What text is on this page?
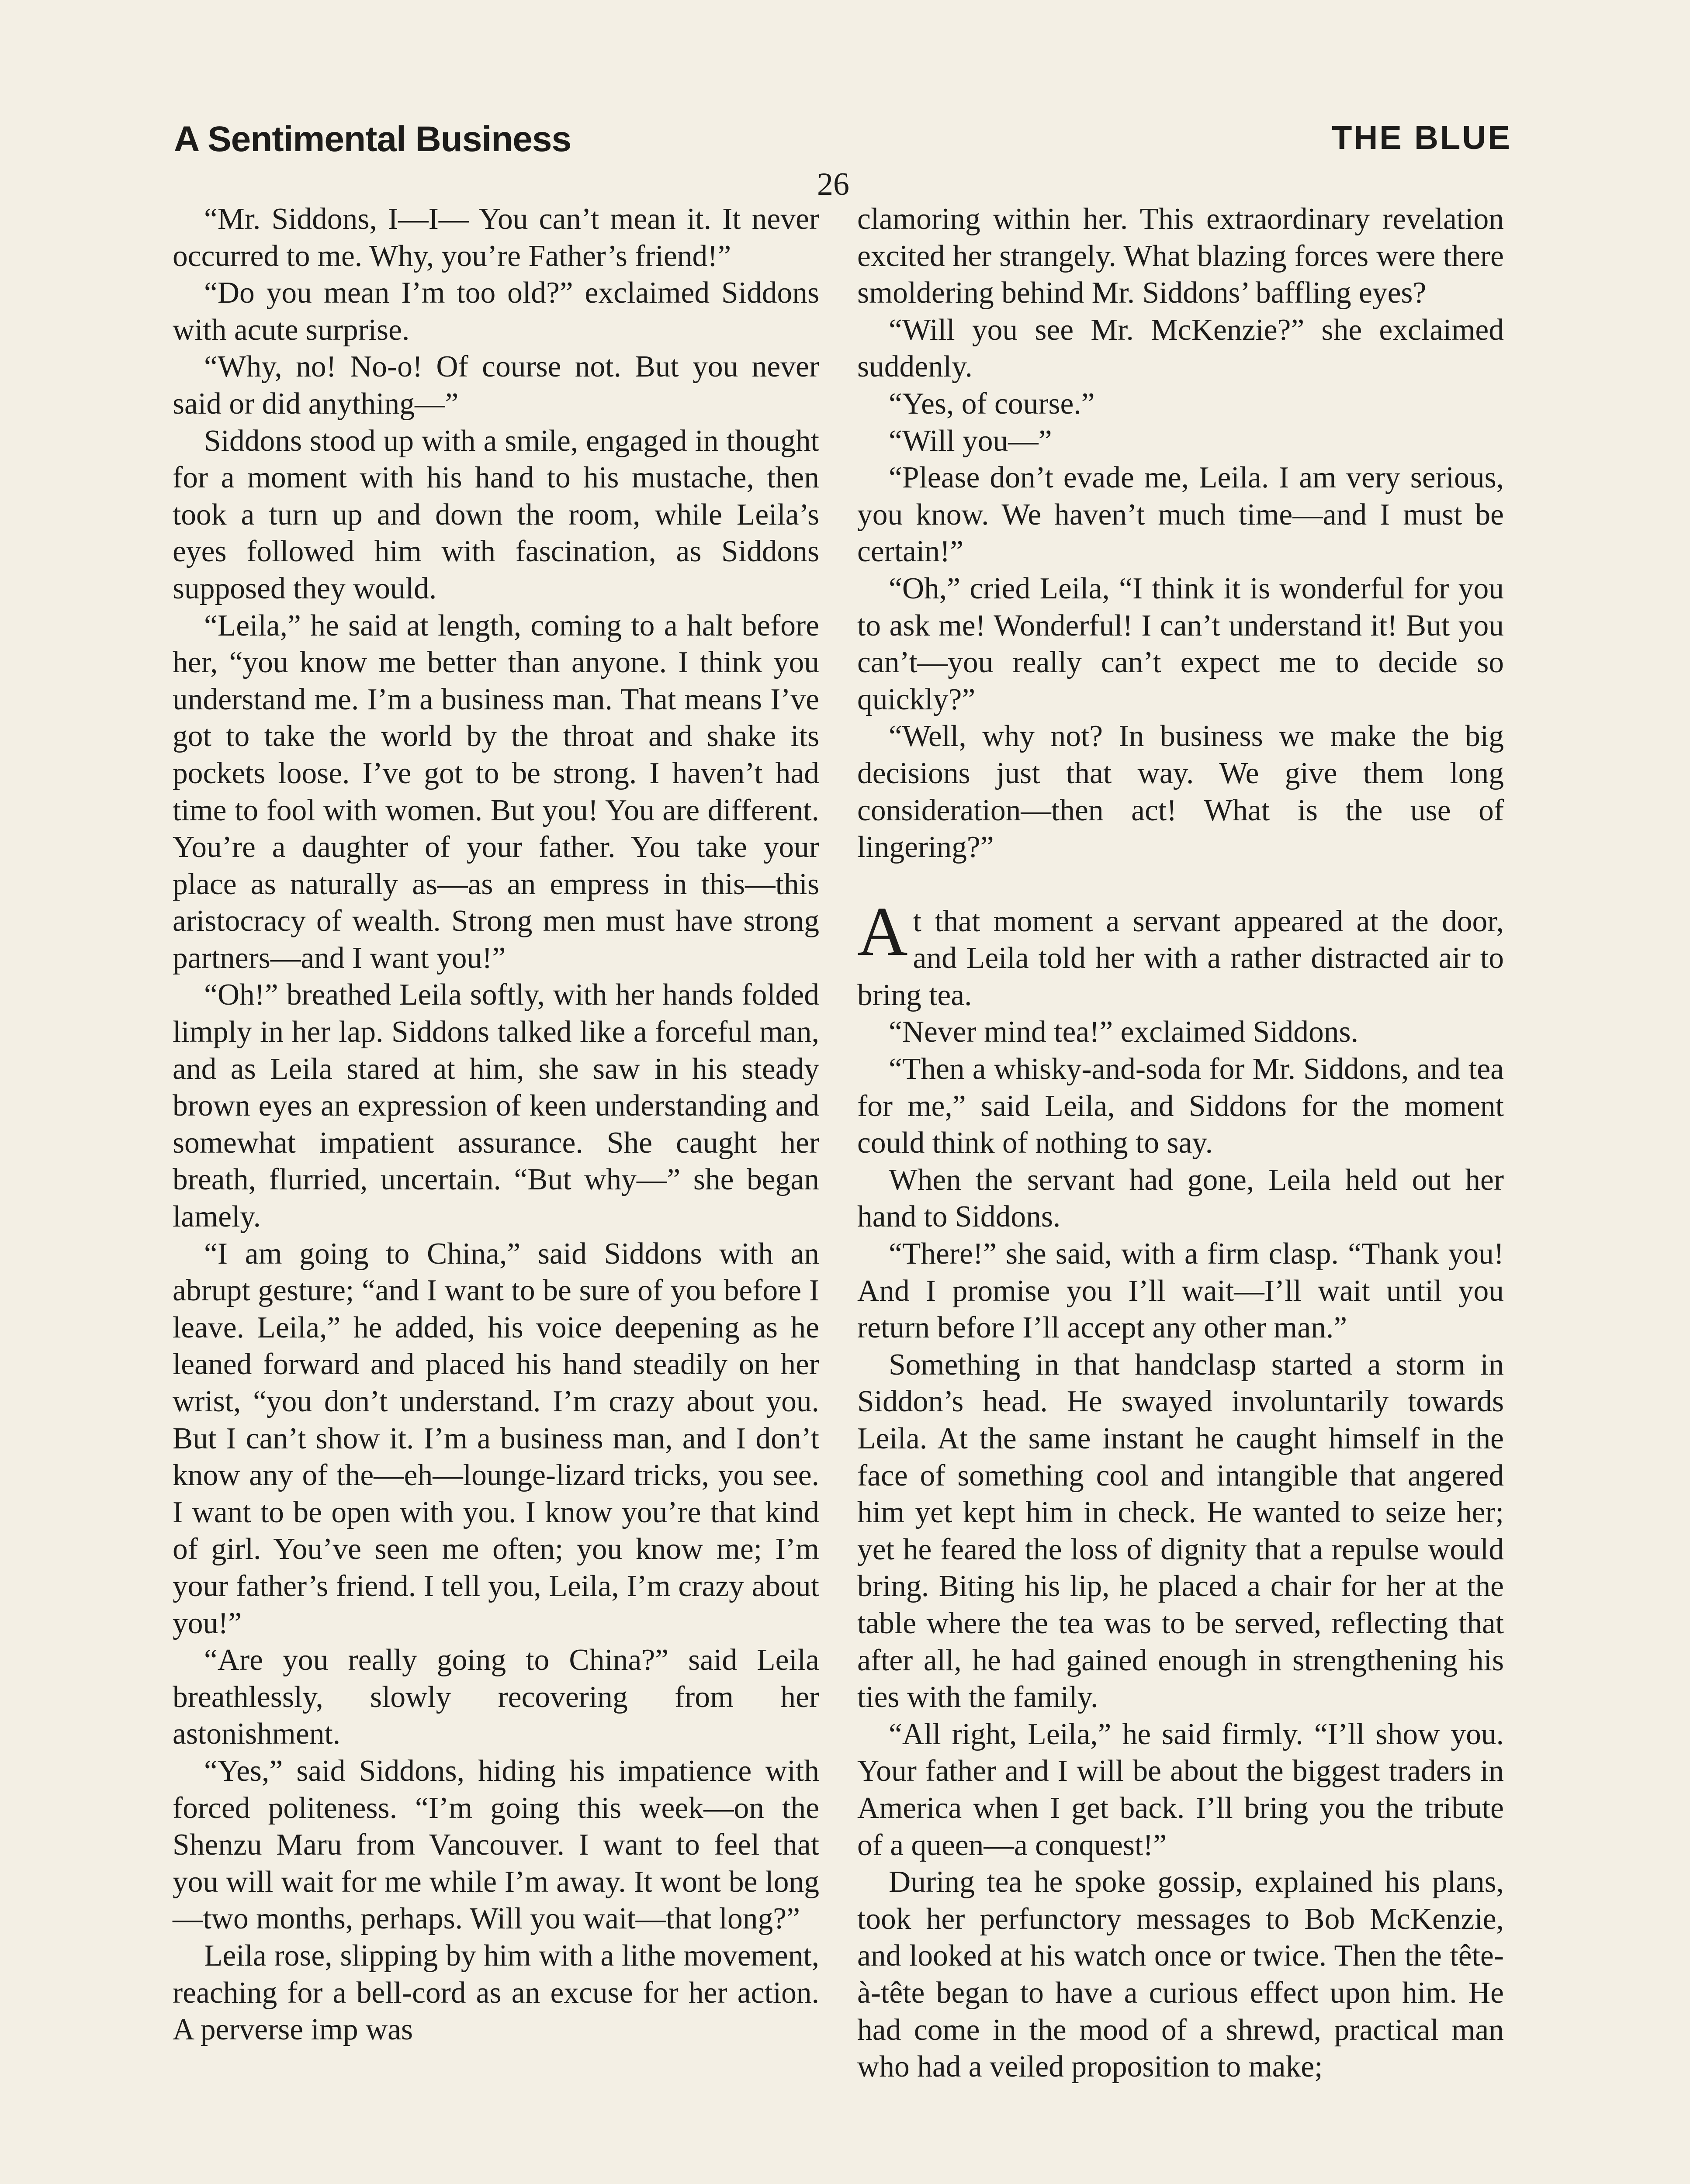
A Sentimental Business	THE BLUE
26

“Mr. Siddons, I—I— You can’t mean it. It never occurred to me. Why, you’re Father’s friend!”

“Do you mean I’m too old?” exclaimed Siddons with acute surprise.

“Why, no! No-o! Of course not. But you never said or did anything—”

Siddons stood up with a smile, engaged in thought for a moment with his hand to his mustache, then took a turn up and down the room, while Leila’s eyes followed him with fascination, as Siddons supposed they would.

“Leila,” he said at length, coming to a halt before her, “you know me better than anyone. I think you understand me. I’m a business man. That means I’ve got to take the world by the throat and shake its pockets loose. I’ve got to be strong. I haven’t had time to fool with women. But you! You are different. You’re a daughter of your father. You take your place as naturally as—as an empress in this—this aristocracy of wealth. Strong men must have strong partners—and I want you!”

“Oh!” breathed Leila softly, with her hands folded limply in her lap. Siddons talked like a forceful man, and as Leila stared at him, she saw in his steady brown eyes an expression of keen understanding and somewhat impatient assurance. She caught her breath, flurried, uncertain. “But why—” she began lamely.

“I am going to China,” said Siddons with an abrupt gesture; “and I want to be sure of you before I leave. Leila,” he added, his voice deepening as he leaned forward and placed his hand steadily on her wrist, “you don’t understand. I’m crazy about you. But I can’t show it. I’m a business man, and I don’t know any of the—eh—lounge-lizard tricks, you see. I want to be open with you. I know you’re that kind of girl. You’ve seen me often; you know me; I’m your father’s friend. I tell you, Leila, I’m crazy about you!”

“Are you really going to China?” said Leila breathlessly, slowly recovering from her astonishment.

“Yes,” said Siddons, hiding his impatience with forced politeness. “I’m going this week—on the Shenzu Maru from Vancouver. I want to feel that you will wait for me while I’m away. It wont be long—two months, perhaps. Will you wait—that long?”

Leila rose, slipping by him with a lithe movement, reaching for a bell-cord as an excuse for her action. A perverse imp was

clamoring within her. This extraordinary revelation excited her strangely. What blazing forces were there smoldering behind Mr. Siddons’ baffling eyes?

“Will you see Mr. McKenzie?” she exclaimed suddenly.

“Yes, of course.”

“Will you—”

“Please don’t evade me, Leila. I am very serious, you know. We haven’t much time—and I must be certain!”

“Oh,” cried Leila, “I think it is wonderful for you to ask me! Wonderful! I can’t understand it! But you can’t—you really can’t expect me to decide so quickly?”

“Well, why not? In business we make the big decisions just that way. We give them long consideration—then act! What is the use of lingering?”

At that moment a servant appeared at the door, and Leila told her with a rather distracted air to bring tea.

“Never mind tea!” exclaimed Siddons.

“Then a whisky-and-soda for Mr. Siddons, and tea for me,” said Leila, and Siddons for the moment could think of nothing to say.

When the servant had gone, Leila held out her hand to Siddons.

“There!” she said, with a firm clasp. “Thank you! And I promise you I’ll wait—I’ll wait until you return before I’ll accept any other man.”

Something in that handclasp started a storm in Siddon’s head. He swayed involuntarily towards Leila. At the same instant he caught himself in the face of something cool and intangible that angered him yet kept him in check. He wanted to seize her; yet he feared the loss of dignity that a repulse would bring. Biting his lip, he placed a chair for her at the table where the tea was to be served, reflecting that after all, he had gained enough in strengthening his ties with the family.

“All right, Leila,” he said firmly. “I’ll show you. Your father and I will be about the biggest traders in America when I get back. I’ll bring you the tribute of a queen—a conquest!”

During tea he spoke gossip, explained his plans, took her perfunctory messages to Bob McKenzie, and looked at his watch once or twice. Then the tête-à-tête began to have a curious effect upon him. He had come in the mood of a shrewd, practical man who had a veiled proposition to make;
